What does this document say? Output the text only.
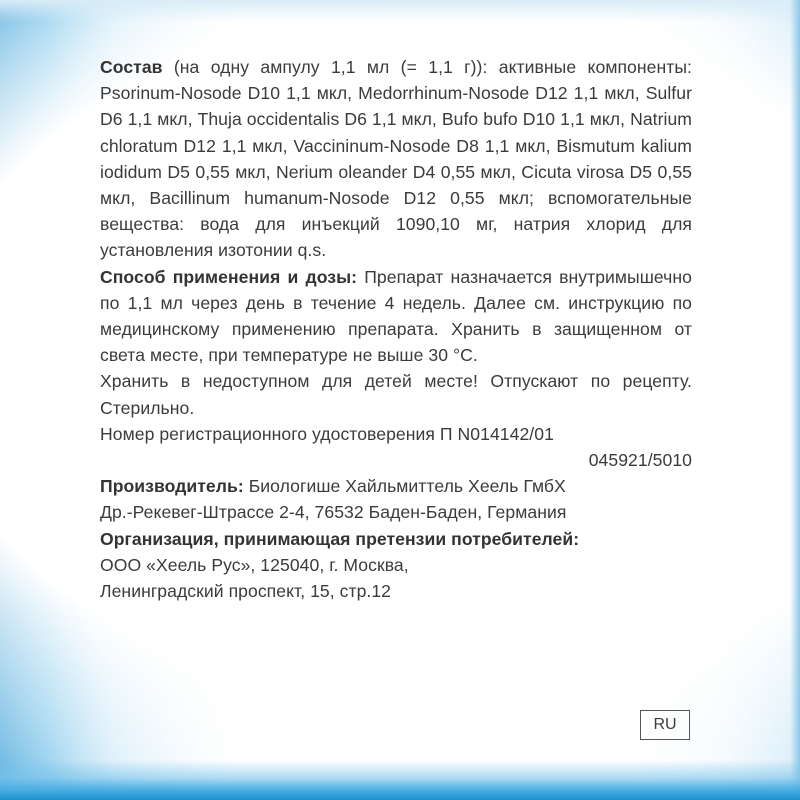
Состав (на одну ампулу 1,1 мл (= 1,1 г)): активные компоненты: Psorinum-Nosode D10 1,1 мкл, Medorrhinum-Nosode D12 1,1 мкл, Sulfur D6 1,1 мкл, Thuja occidentalis D6 1,1 мкл, Bufo bufo D10 1,1 мкл, Natrium chloratum D12 1,1 мкл, Vaccininum-Nosode D8 1,1 мкл, Bismutum kalium iodidum D5 0,55 мкл, Nerium oleander D4 0,55 мкл, Cicuta virosa D5 0,55 мкл, Bacillinum humanum-Nosode D12 0,55 мкл; вспомогательные вещества: вода для инъекций 1090,10 мг, натрия хлорид для установления изотонии q.s.

Способ применения и дозы: Препарат назначается внутримышечно по 1,1 мл через день в течение 4 недель. Далее см. инструкцию по медицинскому применению препарата. Хранить в защищенном от света месте, при температуре не выше 30 °С.

Хранить в недоступном для детей месте! Отпускают по рецепту. Стерильно.

Номер регистрационного удостоверения П N014142/01
045921/5010

Производитель: Биологише Хайльмиттель Хеель ГмбХ
Др.-Рекевег-Штрассе 2-4, 76532 Баден-Баден, Германия

Организация, принимающая претензии потребителей:
ООО «Хеель Рус», 125040, г. Москва,
Ленинградский проспект, 15, стр.12

RU
